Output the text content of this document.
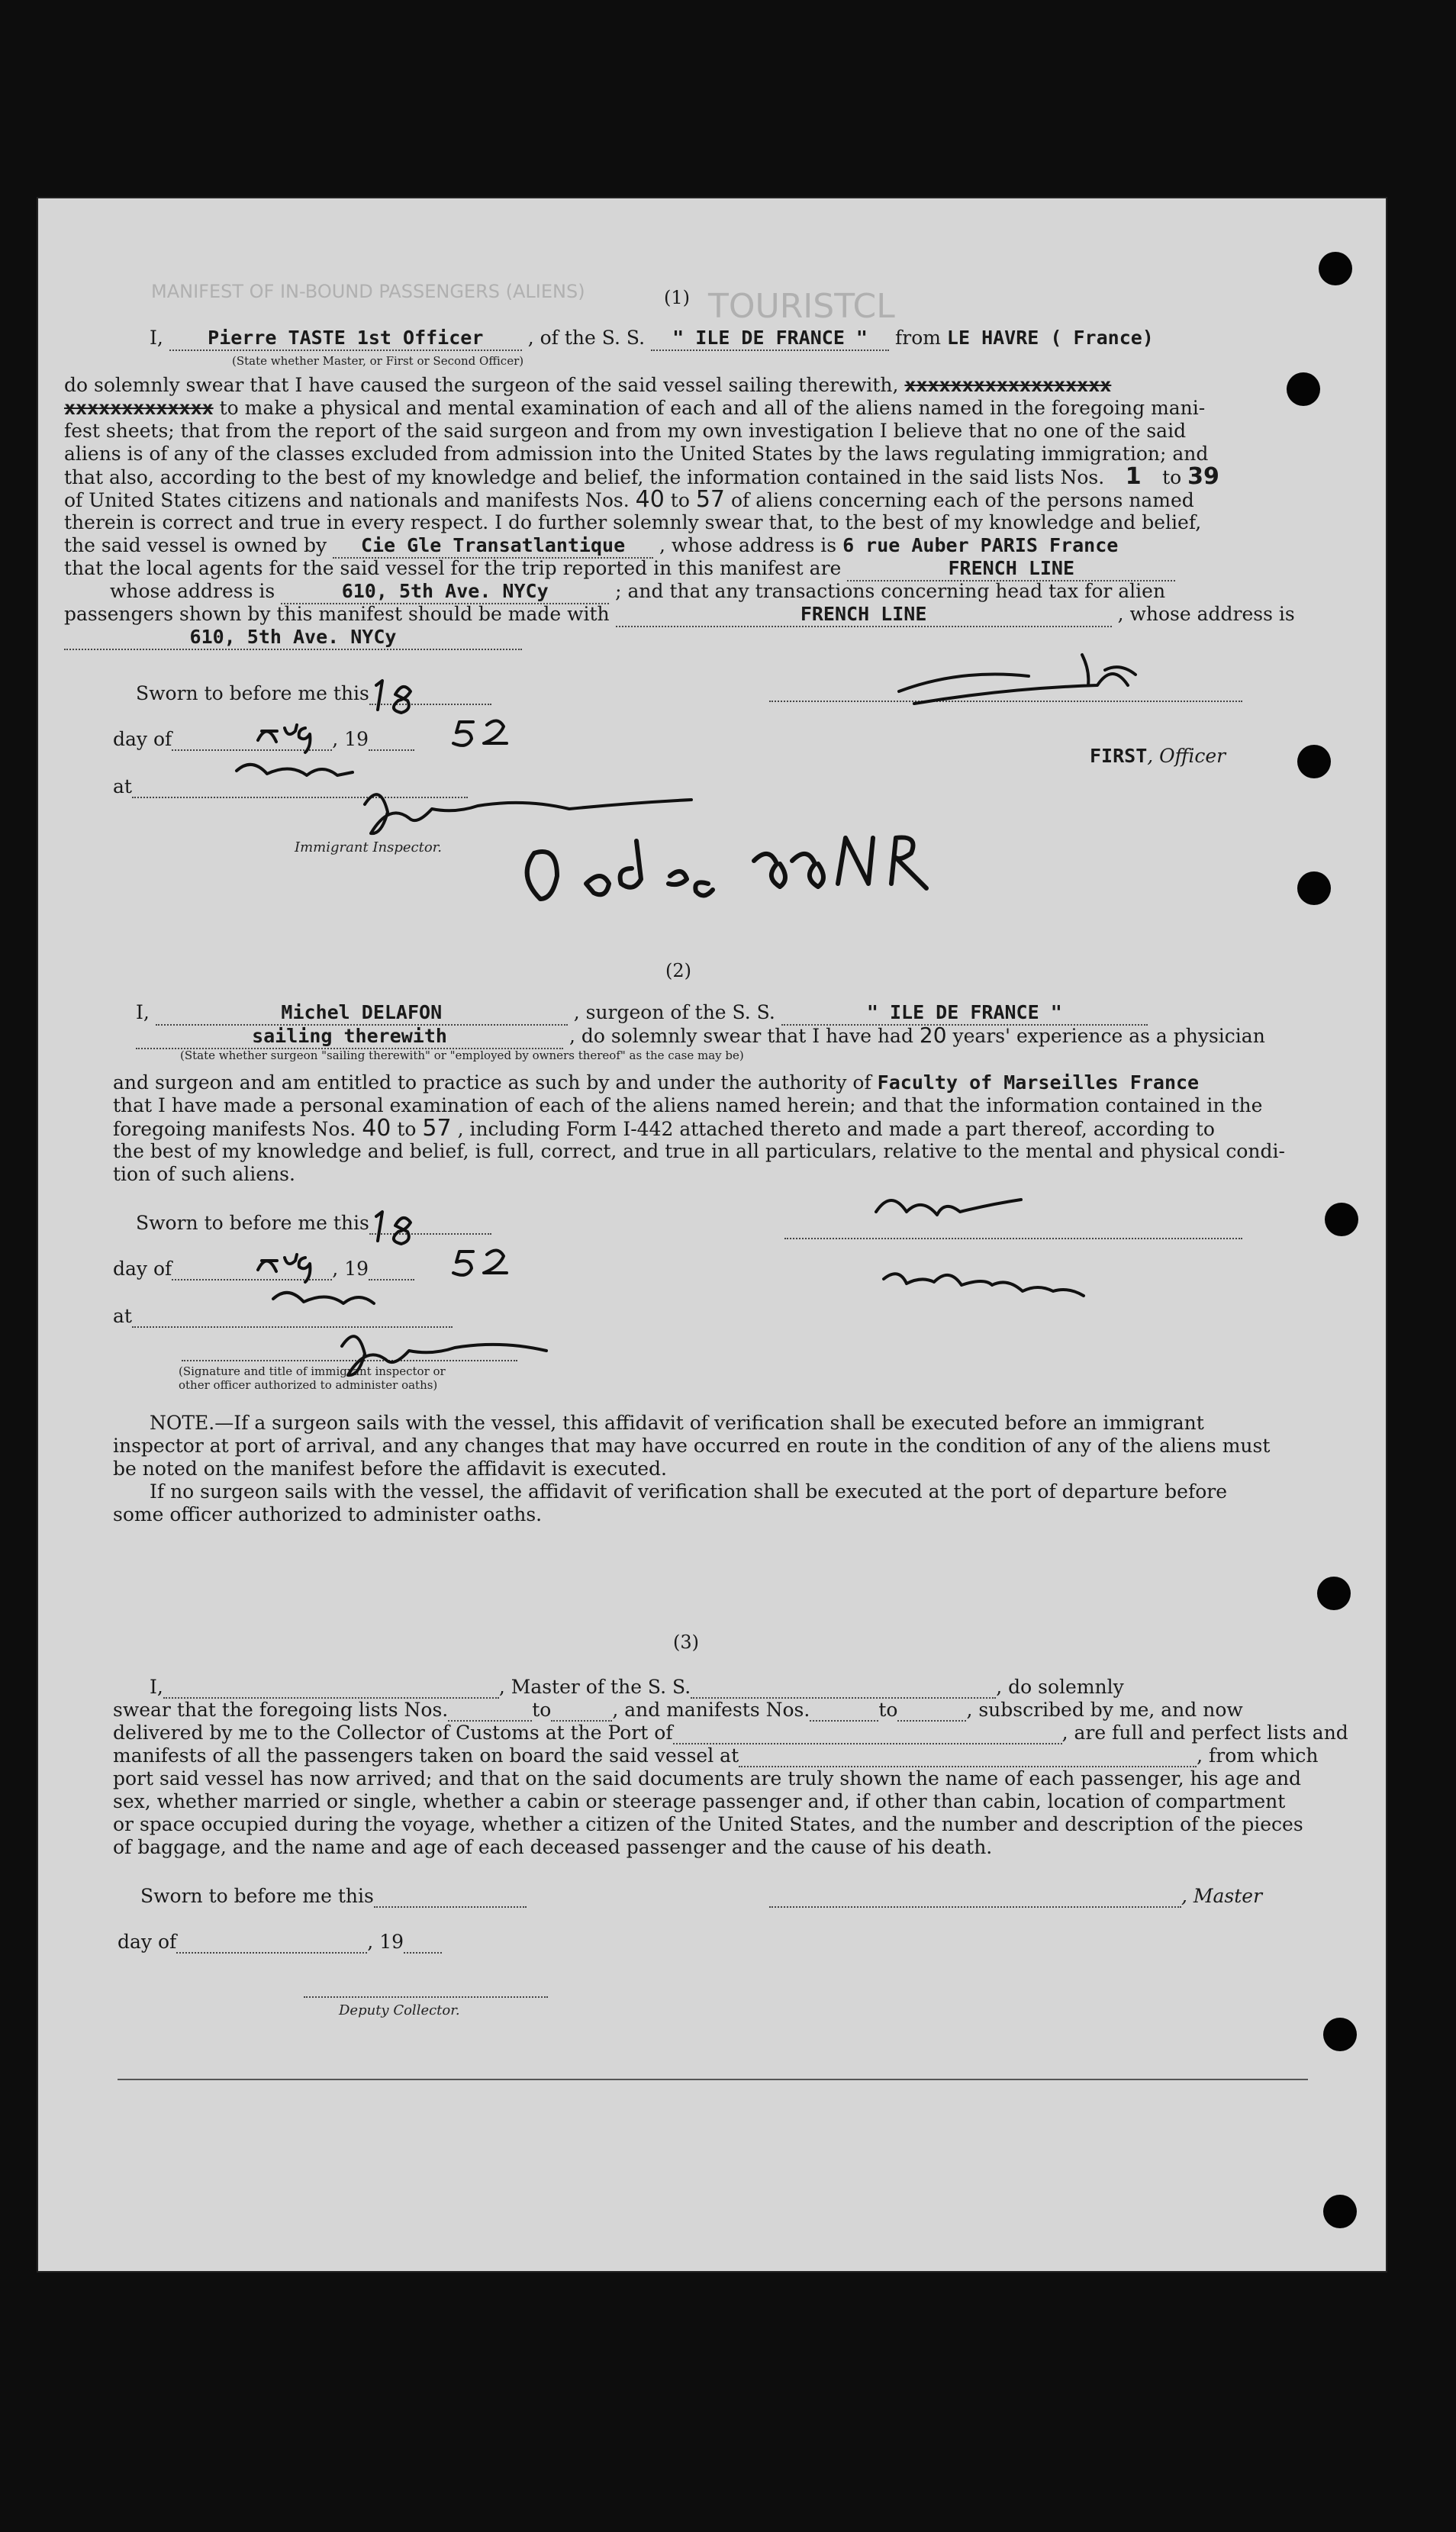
TOURISTCL
MANIFEST OF IN-BOUND PASSENGERS (ALIENS)	(1)
I, Pierre TASTE 1st Officer , of the S. S. " ILE DE FRANCE " from LE HAVRE ( France)
(State whether Master, or First or Second Officer)
do solemnly swear that I have caused the surgeon of the said vessel sailing therewith, xxxxxxxxxxxxxxxxxx
xxxxxxxxxxxxx to make a physical and mental examination of each and all of the aliens named in the foregoing mani-
fest sheets; that from the report of the said surgeon and from my own investigation I believe that no one of the said
aliens is of any of the classes excluded from admission into the United States by the laws regulating immigration; and
that also, according to the best of my knowledge and belief, the information contained in the said lists Nos. 1 to 39
of United States citizens and nationals and manifests Nos. 40 to 57 of aliens concerning each of the persons named
therein is correct and true in every respect. I do further solemnly swear that, to the best of my knowledge and belief,
the said vessel is owned by Cie Gle Transatlantique , whose address is 6 rue Auber PARIS France
that the local agents for the said vessel for the trip reported in this manifest are	FRENCH LINE
whose address is	610, 5th Ave. NYCy	; and that any transactions concerning head tax for alien
passengers shown by this manifest should be made with	FRENCH LINE	, whose address is
610, 5th Ave. NYCy
Sworn to before me this
day of	, 19
at
Immigrant Inspector.
FIRST, Officer
(2)
I,	Michel DELAFON	, surgeon of the S. S.	" ILE DE FRANCE "
sailing therewith	, do solemnly swear that I have had 20 years' experience as a physician
(State whether surgeon "sailing therewith" or "employed by owners thereof" as the case may be)
and surgeon and am entitled to practice as such by and under the authority of Faculty of Marseilles France
that I have made a personal examination of each of the aliens named herein; and that the information contained in the
foregoing manifests Nos. 40 to 57 , including Form I-442 attached thereto and made a part thereof, according to
the best of my knowledge and belief, is full, correct, and true in all particulars, relative to the mental and physical condi-
tion of such aliens.
Sworn to before me this
day of	, 19
at
(Signature and title of immigrant inspector or
other officer authorized to administer oaths)
NOTE.—If a surgeon sails with the vessel, this affidavit of verification shall be executed before an immigrant
inspector at port of arrival, and any changes that may have occurred en route in the condition of any of the aliens must
be noted on the manifest before the affidavit is executed.
If no surgeon sails with the vessel, the affidavit of verification shall be executed at the port of departure before
some officer authorized to administer oaths.
(3)
I,	, Master of the S. S.	, do solemnly
swear that the foregoing lists Nos.	to	, and manifests Nos.	to	, subscribed by me, and now
delivered by me to the Collector of Customs at the Port of	, are full and perfect lists and
manifests of all the passengers taken on board the said vessel at	, from which
port said vessel has now arrived; and that on the said documents are truly shown the name of each passenger, his age and
sex, whether married or single, whether a cabin or steerage passenger and, if other than cabin, location of compartment
or space occupied during the voyage, whether a citizen of the United States, and the number and description of the pieces
of baggage, and the name and age of each deceased passenger and the cause of his death.
Sworn to before me this	, Master
day of	, 19
Deputy Collector.
